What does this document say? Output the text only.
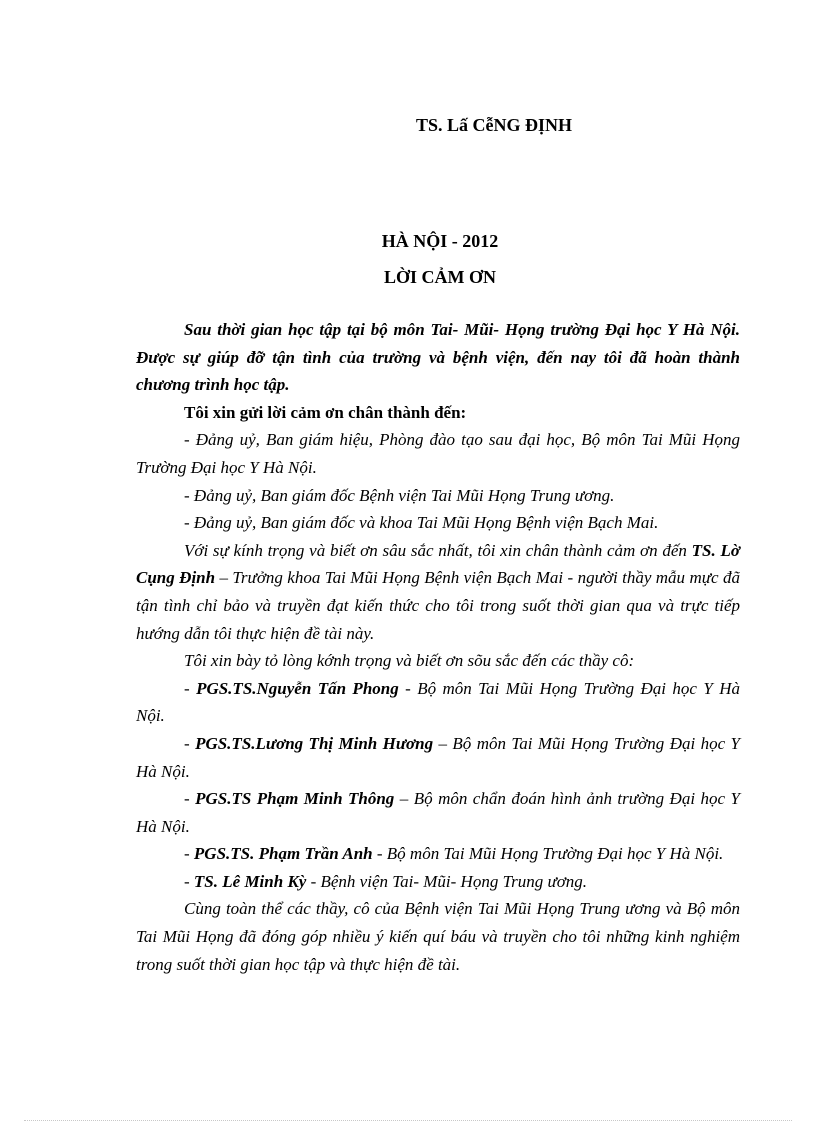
TS. Lấ CễNG ĐỊNH
HÀ NỘI - 2012
LỜI CẢM ƠN

Sau thời gian học tập tại bộ môn Tai- Mũi- Họng trường Đại học Y Hà Nội. Được sự giúp đỡ tận tình của trường và bệnh viện, đến nay tôi đã hoàn thành chương trình học tập.

Tôi xin gửi lời cảm ơn chân thành đến:

- Đảng uỷ, Ban giám hiệu, Phòng đào tạo sau đại học, Bộ môn Tai Mũi Họng Trường Đại học Y Hà Nội.

- Đảng uỷ, Ban giám đốc Bệnh viện Tai Mũi Họng Trung ương.

- Đảng uỷ, Ban giám đốc và khoa Tai Mũi Họng Bệnh viện Bạch Mai.

Với sự kính trọng và biết ơn sâu sắc nhất, tôi xin chân thành cảm ơn đến TS. Lờ Cụng Định – Trưởng khoa Tai Mũi Họng Bệnh viện Bạch Mai - người thầy mẫu mực đã tận tình chỉ bảo và truyền đạt kiến thức cho tôi trong suốt thời gian qua và trực tiếp hướng dẫn tôi thực hiện đề tài này.

Tôi xin bày tỏ lòng kớnh trọng và biết ơn sõu sắc đến các thầy cô:

- PGS.TS.Nguyễn Tấn Phong - Bộ môn Tai Mũi Họng Trường Đại học Y Hà Nội.

- PGS.TS.Lương Thị Minh Hương – Bộ môn Tai Mũi Họng Trường Đại học Y Hà Nội.

- PGS.TS Phạm Minh Thông – Bộ môn chẩn đoán hình ảnh trường Đại học Y Hà Nội.

- PGS.TS. Phạm Trần Anh - Bộ môn Tai Mũi Họng Trường Đại học Y Hà Nội.

- TS. Lê Minh Kỳ - Bệnh viện Tai- Mũi- Họng Trung ương.

Cùng toàn thể các thầy, cô của Bệnh viện Tai Mũi Họng Trung ương và Bộ môn Tai Mũi Họng đã đóng góp nhiều ý kiến quí báu và truyền cho tôi những kinh nghiệm trong suốt thời gian học tập và thực hiện đề tài.
